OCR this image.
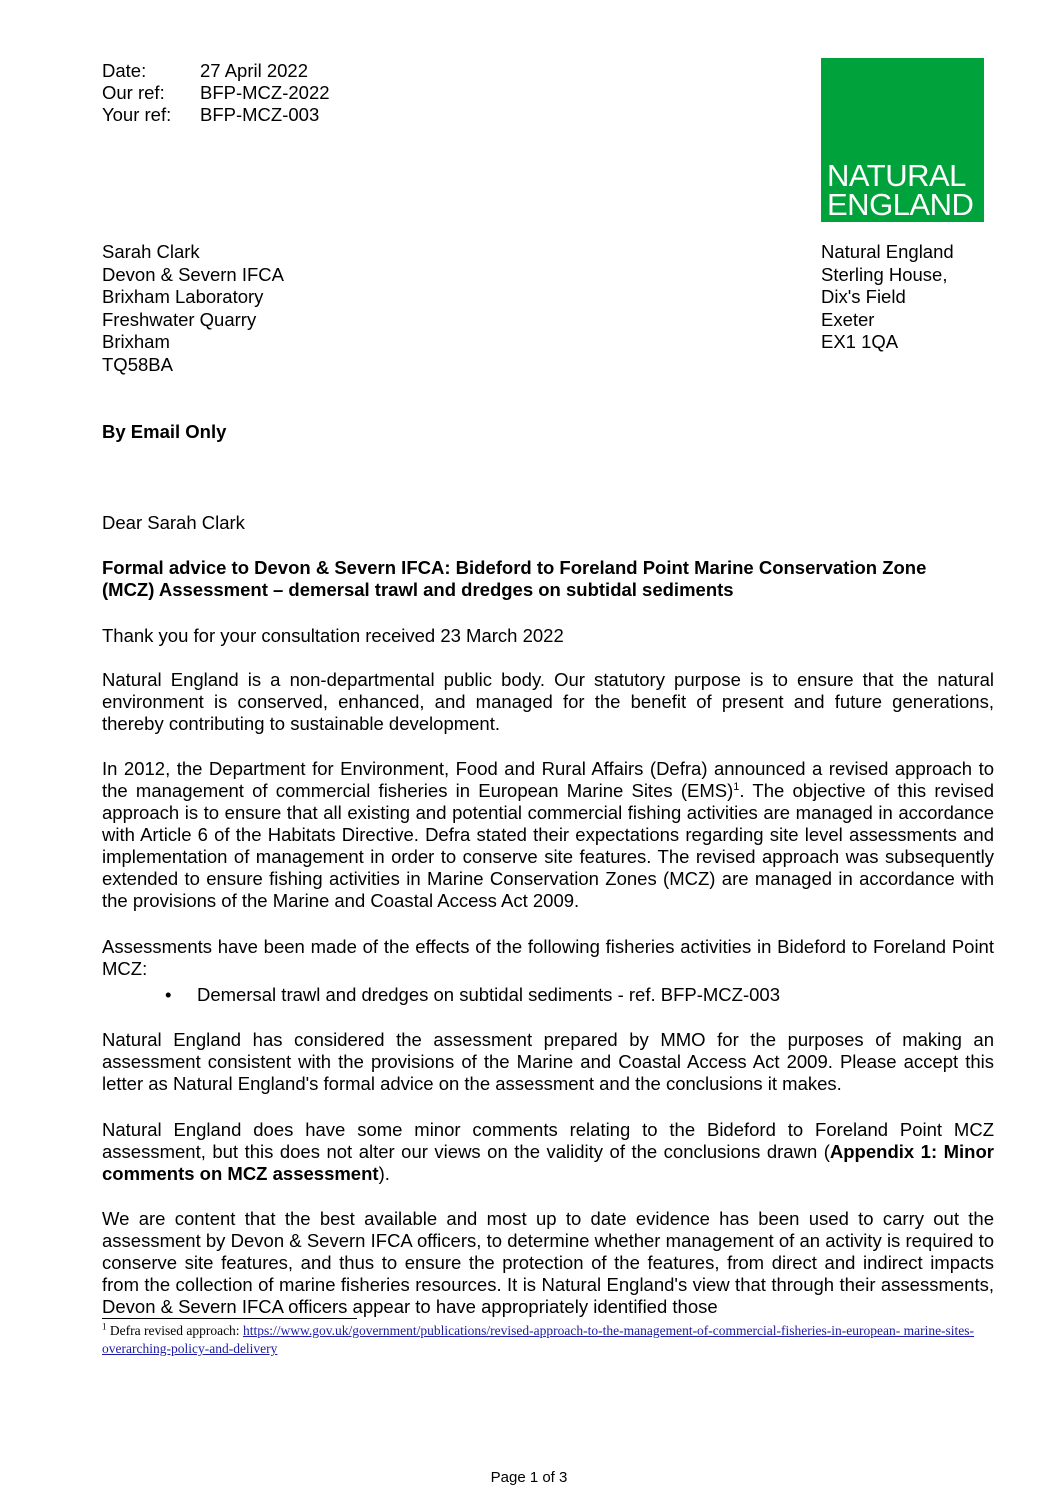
Date:	27 April 2022
Our ref:	BFP-MCZ-2022
Your ref:	BFP-MCZ-003
NATURAL
ENGLAND
Sarah Clark
Devon & Severn IFCA
Brixham Laboratory
Freshwater Quarry
Brixham
TQ58BA
Natural England
Sterling House,
Dix's Field
Exeter
EX1 1QA
By Email Only
Dear Sarah Clark
Formal advice to Devon & Severn IFCA: Bideford to Foreland Point Marine Conservation Zone (MCZ) Assessment – demersal trawl and dredges on subtidal sediments
Thank you for your consultation received 23 March 2022
Natural England is a non-departmental public body. Our statutory purpose is to ensure that the natural environment is conserved, enhanced, and managed for the benefit of present and future generations, thereby contributing to sustainable development.
In 2012, the Department for Environment, Food and Rural Affairs (Defra) announced a revised approach to the management of commercial fisheries in European Marine Sites (EMS)$^1$. The objective of this revised approach is to ensure that all existing and potential commercial fishing activities are managed in accordance with Article 6 of the Habitats Directive. Defra stated their expectations regarding site level assessments and implementation of management in order to conserve site features. The revised approach was subsequently extended to ensure fishing activities in Marine Conservation Zones (MCZ) are managed in accordance with the provisions of the Marine and Coastal Access Act 2009.
Assessments have been made of the effects of the following fisheries activities in Bideford to Foreland Point MCZ:
•	Demersal trawl and dredges on subtidal sediments - ref. BFP-MCZ-003
Natural England has considered the assessment prepared by MMO for the purposes of making an assessment consistent with the provisions of the Marine and Coastal Access Act 2009. Please accept this letter as Natural England's formal advice on the assessment and the conclusions it makes.
Natural England does have some minor comments relating to the Bideford to Foreland Point MCZ assessment, but this does not alter our views on the validity of the conclusions drawn (Appendix 1: Minor comments on MCZ assessment).
We are content that the best available and most up to date evidence has been used to carry out the assessment by Devon & Severn IFCA officers, to determine whether management of an activity is required to conserve site features, and thus to ensure the protection of the features, from direct and indirect impacts from the collection of marine fisheries resources. It is Natural England's view that through their assessments, Devon & Severn IFCA officers appear to have appropriately identified those
$^1$ Defra revised approach: https://www.gov.uk/government/publications/revised-approach-to-the-management-of-commercial-fisheries-in-european- marine-sites-overarching-policy-and-delivery
Page 1 of 3
